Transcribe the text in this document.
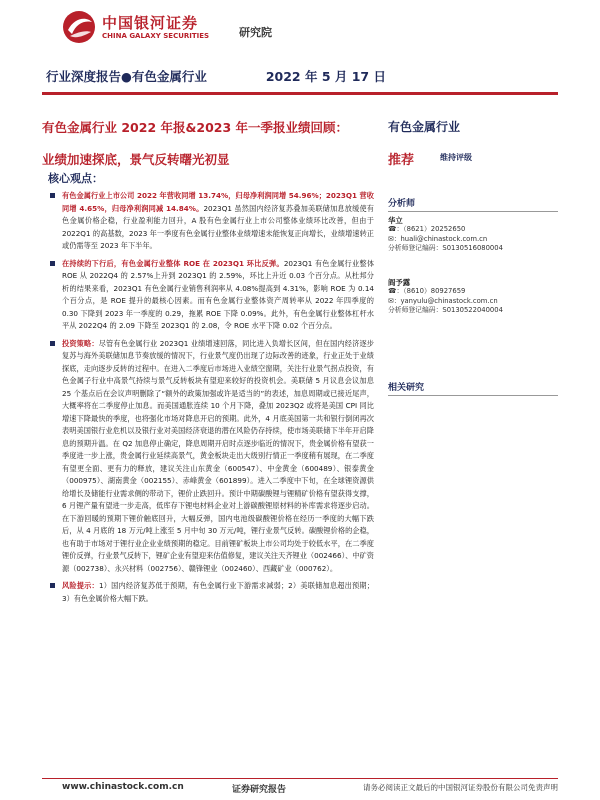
中国银河证券
CHINA GALAXY SECURITIES	研究院
行业深度报告●有色金属行业	2022 年 5 月 17 日
有色金属行业 2022 年报&2023 年一季报业绩回顾：
业绩加速探底，景气反转曙光初显
核心观点：
有色金属行业上市公司 2022 年营收同增 13.74%，归母净利润同增 54.96%；2023Q1 营收同增 4.65%，归母净利润同减 14.84%。2023Q1 虽然国内经济复苏叠加美联储加息放缓使有色金属价格企稳，行业盈利能力回升，A 股有色金属行业上市公司整体业绩环比改善，但由于 2022Q1 的高基数，2023 年一季度有色金属行业整体业绩增速未能恢复正向增长，业绩增速转正或仍需等至 2023 年下半年。
在持续的下行后，有色金属行业整体 ROE 在 2023Q1 环比反弹。2023Q1 有色金属行业整体 ROE 从 2022Q4 的 2.57%上升到 2023Q1 的 2.59%，环比上升近 0.03 个百分点。从杜邦分析的结果来看，2023Q1 有色金属行业销售利润率从 4.08%提高到 4.31%，影响 ROE 为 0.14 个百分点，是 ROE 提升的最核心因素。而有色金属行业整体资产周转率从 2022 年四季度的 0.30 下降到 2023 年一季度的 0.29，拖累 ROE 下降 0.09%。此外，有色金属行业整体杠杆水平从 2022Q4 的 2.09 下降至 2023Q1 的 2.08，令 ROE 水平下降 0.02 个百分点。
投资策略：尽管有色金属行业 2023Q1 业绩增速回落，同比进入负增长区间，但在国内经济逐步复苏与海外美联储加息节奏放缓的情况下，行业景气度仍出现了边际改善的迹象，行业正处于业绩探底，走向逐步反转的过程中。在进入二季度后市场进入业绩空窗期，关注行业景气拐点投资，有色金属子行业中高景气持续与景气反转板块有望迎来较好的投资机会。美联储 5 月议息会议加息 25 个基点后在会议声明删除了“额外的政策加强或许是适当的”的表述，加息周期或已接近尾声，大概率将在二季度停止加息。而美国通胀连续 10 个月下降，叠加 2023Q2 或将是美国 CPI 同比增速下降最快的季度，也将强化市场对降息开启的预期。此外，4 月底美国第一共和银行倒闭再次表明美国银行业危机以及银行业对美国经济衰退的潜在风险仍存持续，使市场美联储下半年开启降息的预期升温。在 Q2 加息停止确定，降息周期开启时点逐步临近的情况下，贵金属价格有望获一季度进一步上涨，贵金属行业延续高景气，黄金板块走出大级别行情正一季度稍有展现，在二季度有望更全面、更有力的释放，建议关注山东黄金（600547）、中金黄金（600489）、银泰黄金（000975）、湖南黄金（002155）、赤峰黄金（601899）。进入二季度中下旬，在全球锂资源供给增长及储能行业需求侧的带动下，锂价止跌回升。预计中期碳酸锂与锂精矿价格有望获得支撑，6 月锂产量有望进一步走高，低库存下锂电材料企业对上游碳酸锂原材料的补库需求将逐步启动。在下游回暖的预期下锂价触底回升，大幅反弹，国内电池级碳酸锂价格在经历一季度的大幅下跌后，从 4 月底的 18 万元/吨上涨至 5 月中旬 30 万元/吨，锂行业景气反转。碳酸锂价格的企稳，也有助于市场对于锂行业企业业绩预期的稳定。目前锂矿板块上市公司均处于较低水平，在二季度锂价反弹，行业景气反转下，锂矿企业有望迎来估值修复，建议关注天齐锂业（002466）、中矿资源（002738）、永兴材料（002756）、赣锋锂业（002460）、西藏矿业（000762）。
风险提示：1）国内经济复苏低于预期，有色金属行业下游需求减弱；2）美联储加息超出预期；3）有色金属价格大幅下跌。
有色金属行业
推荐	维持评级
分析师
华立
☎：（8621）20252650
✉：huali@chinastock.com.cn
分析师登记编码：S0130516080004
阎予露
☎：（8610）80927659
✉：yanyulu@chinastock.com.cn
分析师登记编码：S0130522040004
相关研究
www.chinastock.com.cn	证券研究报告	请务必阅读正文最后的中国银河证券股份有限公司免责声明
